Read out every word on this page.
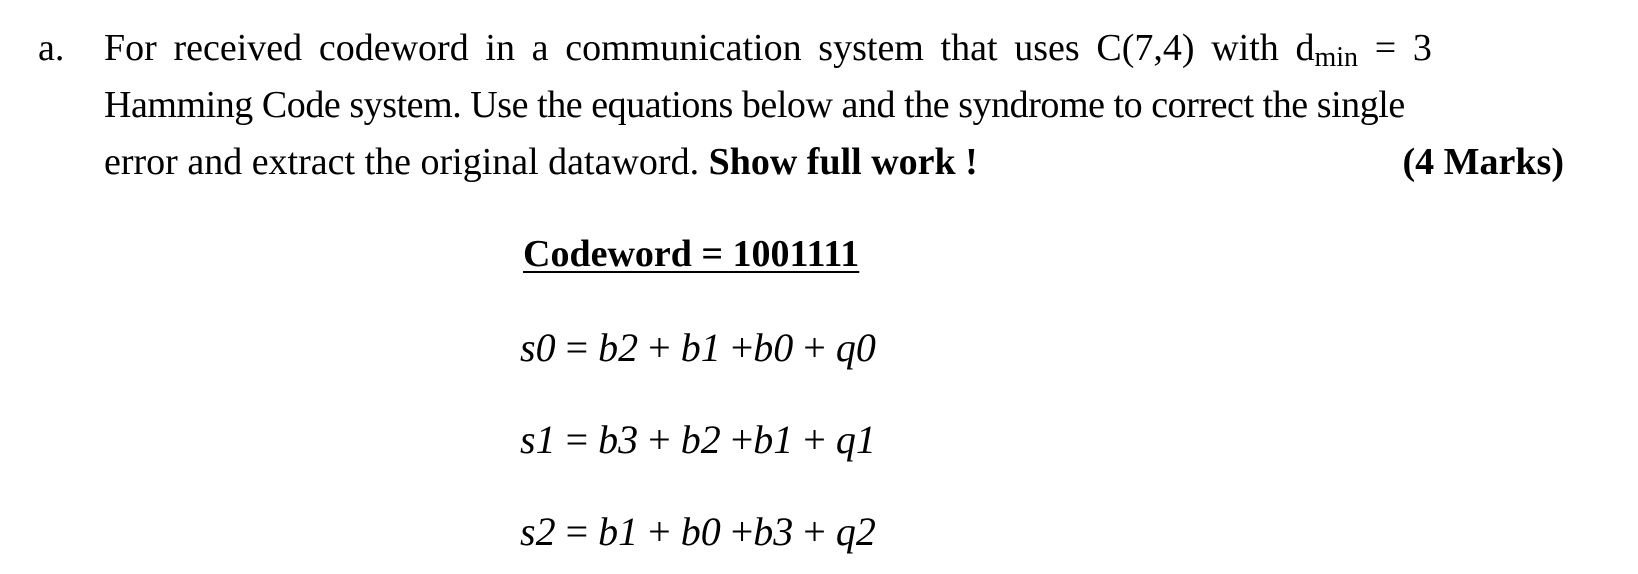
a. For received codeword in a communication system that uses C(7,4) with dmin = 3
Hamming Code system. Use the equations below and the syndrome to correct the single
error and extract the original dataword. Show full work !	(4 Marks)
Codeword = 1001111
s0 = b2 + b1 +b0 + q0
s1 = b3 + b2 +b1 + q1
s2 = b1 + b0 +b3 + q2
